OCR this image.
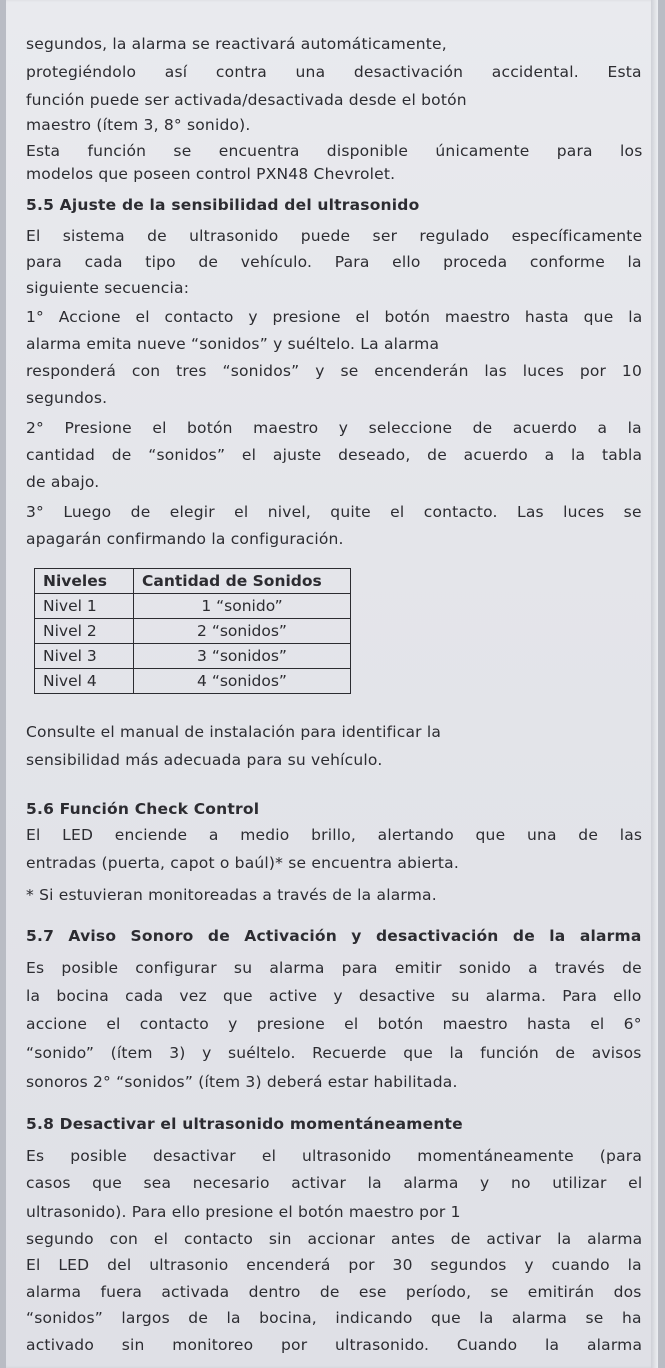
segundos, la alarma se reactivará automáticamente,
protegiéndolo así contra una desactivación accidental. Esta
función puede ser activada/desactivada desde el botón
maestro (ítem 3, 8° sonido).
Esta función se encuentra disponible únicamente para los
modelos que poseen control PXN48 Chevrolet.
5.5 Ajuste de la sensibilidad del ultrasonido
El sistema de ultrasonido puede ser regulado específicamente
para cada tipo de vehículo. Para ello proceda conforme la
siguiente secuencia:
1° Accione el contacto y presione el botón maestro hasta que la
alarma emita nueve “sonidos” y suéltelo. La alarma
responderá con tres “sonidos” y se encenderán las luces por 10
segundos.
2° Presione el botón maestro y seleccione de acuerdo a la
cantidad de “sonidos” el ajuste deseado, de acuerdo a la tabla
de abajo.
3° Luego de elegir el nivel, quite el contacto. Las luces se
apagarán confirmando la configuración.
Niveles	Cantidad de Sonidos
Nivel 1	1 “sonido”
Nivel 2	2 “sonidos”
Nivel 3	3 “sonidos”
Nivel 4	4 “sonidos”
Consulte el manual de instalación para identificar la
sensibilidad más adecuada para su vehículo.
5.6 Función Check Control
El LED enciende a medio brillo, alertando que una de las
entradas (puerta, capot o baúl)* se encuentra abierta.
* Si estuvieran monitoreadas a través de la alarma.
5.7 Aviso Sonoro de Activación y desactivación de la alarma
Es posible configurar su alarma para emitir sonido a través de
la bocina cada vez que active y desactive su alarma. Para ello
accione el contacto y presione el botón maestro hasta el 6°
“sonido” (ítem 3) y suéltelo. Recuerde que la función de avisos
sonoros 2° “sonidos” (ítem 3) deberá estar habilitada.
5.8 Desactivar el ultrasonido momentáneamente
Es posible desactivar el ultrasonido momentáneamente (para
casos que sea necesario activar la alarma y no utilizar el
ultrasonido). Para ello presione el botón maestro por 1
segundo con el contacto sin accionar antes de activar la alarma
El LED del ultrasonio encenderá por 30 segundos y cuando la
alarma fuera activada dentro de ese período, se emitirán dos
“sonidos” largos de la bocina, indicando que la alarma se ha
activado sin monitoreo por ultrasonido. Cuando la alarma
